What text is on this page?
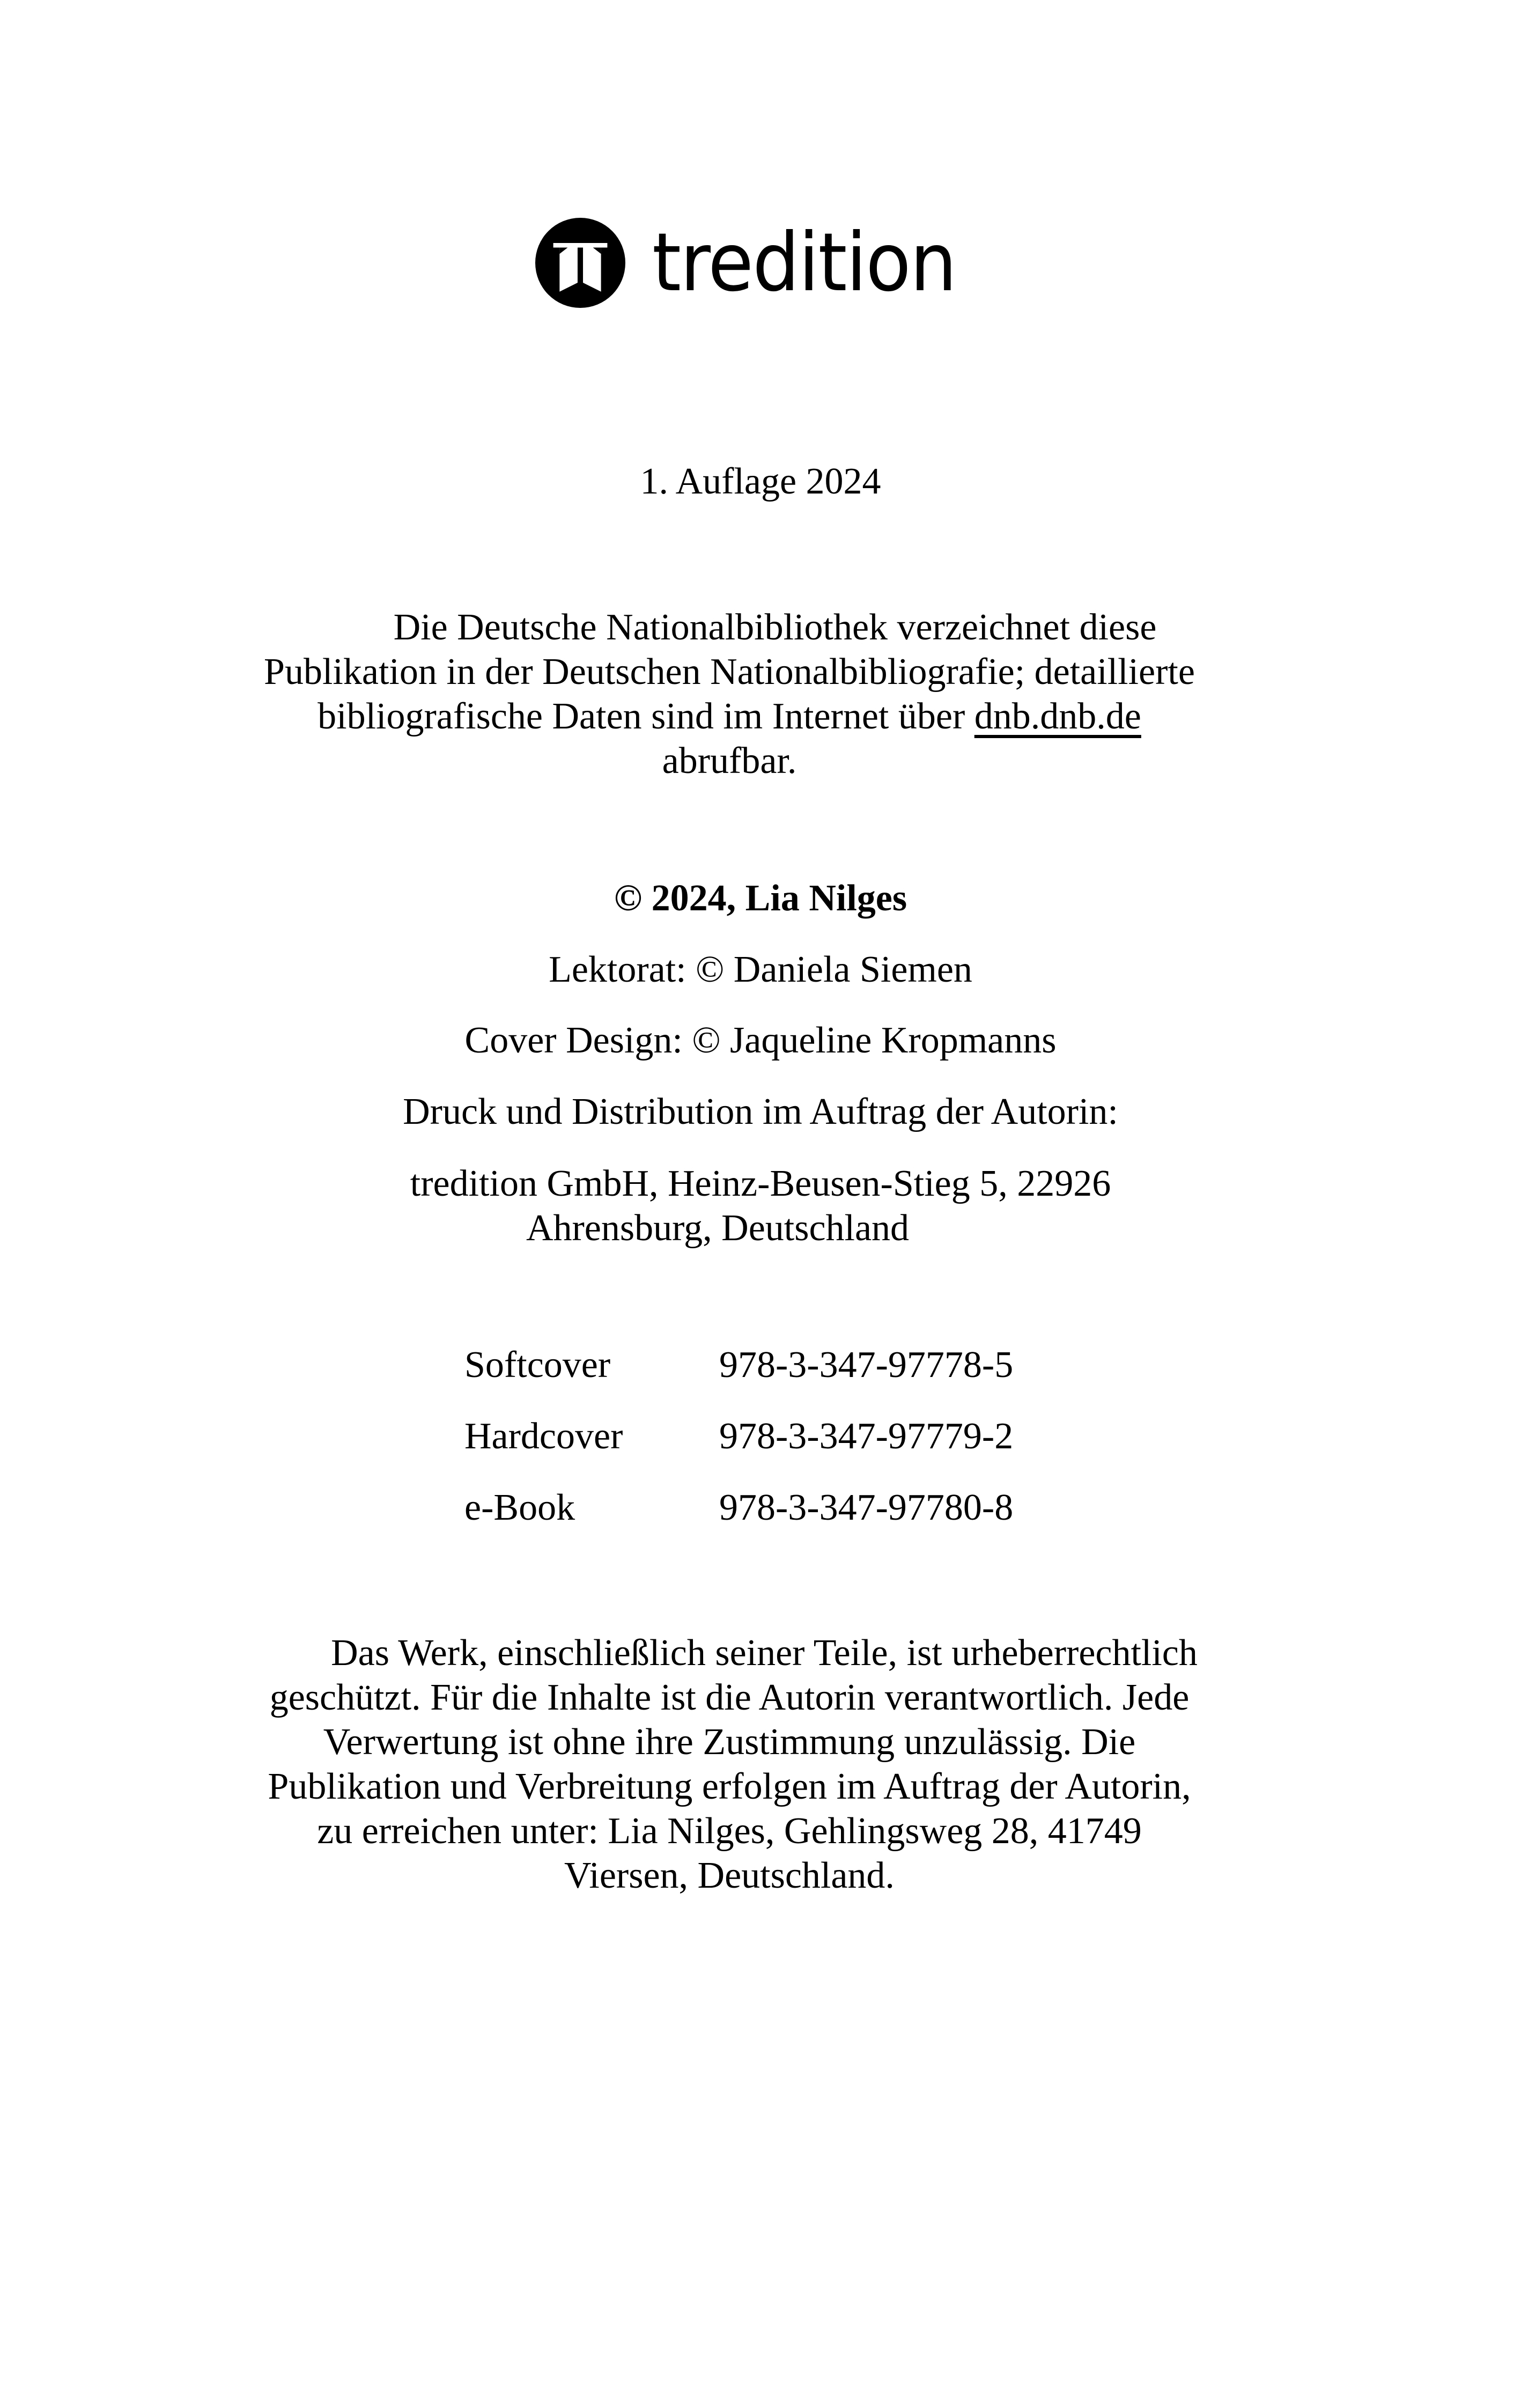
tredition
1. Auflage 2024
Die Deutsche Nationalbibliothek verzeichnet diese
Publikation in der Deutschen Nationalbibliografie; detaillierte
bibliografische Daten sind im Internet über dnb.dnb.de
abrufbar.
© 2024, Lia Nilges
Lektorat: © Daniela Siemen
Cover Design: © Jaqueline Kropmanns
Druck und Distribution im Auftrag der Autorin:
tredition GmbH, Heinz-Beusen-Stieg 5, 22926
Ahrensburg, Deutschland
Softcover	978-3-347-97778-5
Hardcover	978-3-347-97779-2
e-Book	978-3-347-97780-8
Das Werk, einschließlich seiner Teile, ist urheberrechtlich
geschützt. Für die Inhalte ist die Autorin verantwortlich. Jede
Verwertung ist ohne ihre Zustimmung unzulässig. Die
Publikation und Verbreitung erfolgen im Auftrag der Autorin,
zu erreichen unter: Lia Nilges, Gehlingsweg 28, 41749
Viersen, Deutschland.
